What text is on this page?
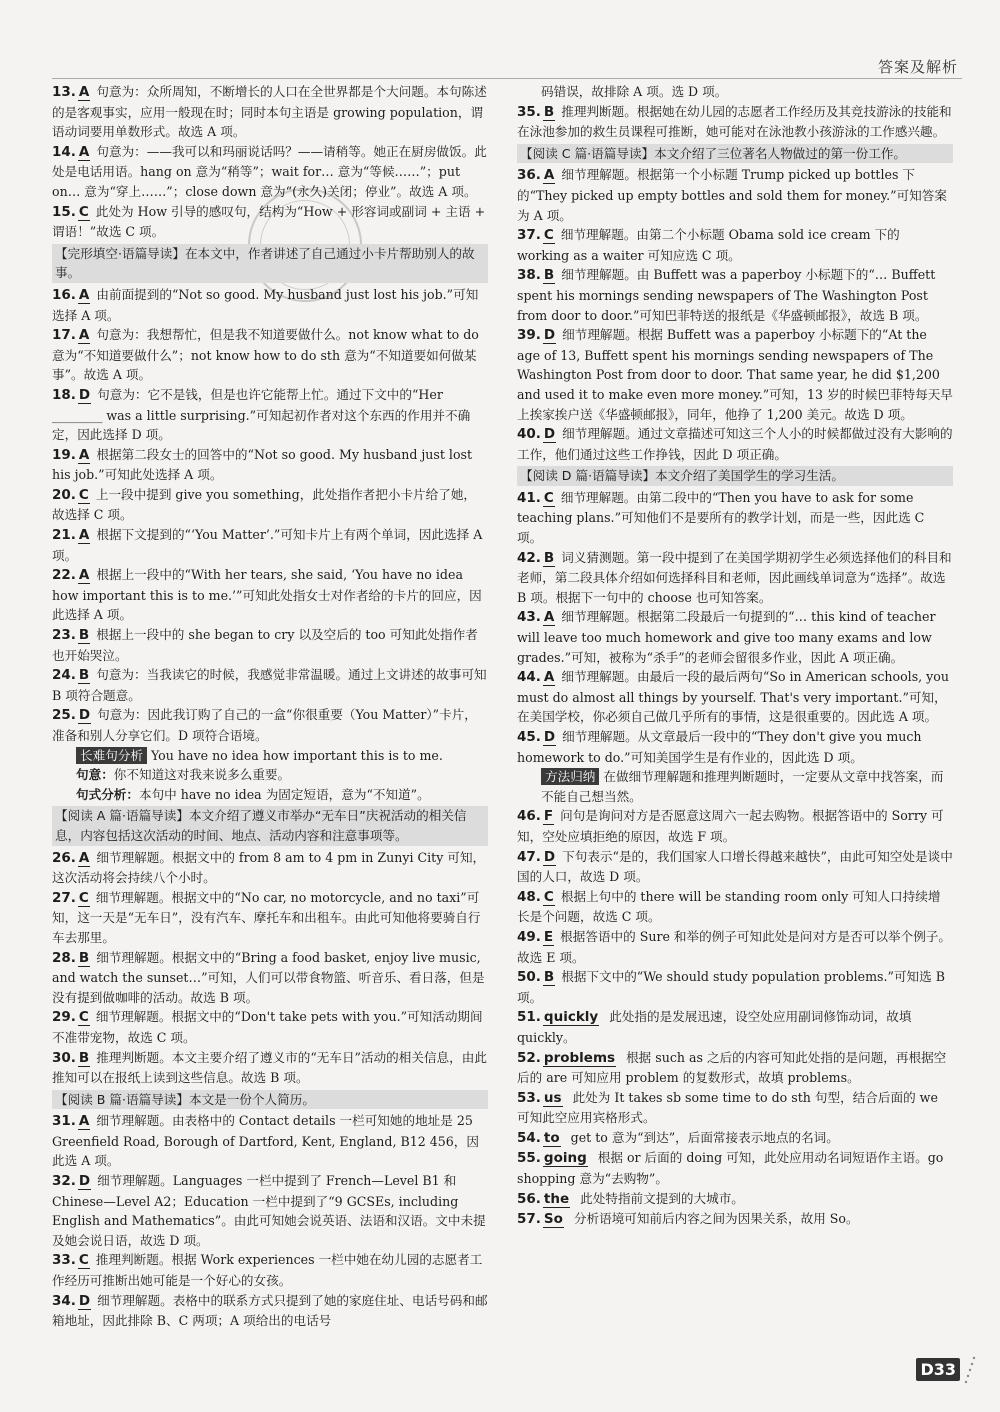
答案及解析

13. A 句意为：众所周知，不断增长的人口在全世界都是个大问题。本句陈述的是客观事实，应用一般现在时；同时本句主语是 growing population，谓语动词要用单数形式。故选 A 项。

14. A 句意为：——我可以和玛丽说话吗？——请稍等。她正在厨房做饭。此处是电话用语。hang on 意为“稍等”；wait for… 意为“等候……”；put on… 意为“穿上……”；close down 意为“(永久)关闭；停业”。故选 A 项。

15. C 此处为 How 引导的感叹句，结构为“How + 形容词或副词 + 主语 + 谓语！”故选 C 项。

【完形填空·语篇导读】在本文中，作者讲述了自己通过小卡片帮助别人的故事。

16. A 由前面提到的“Not so good. My husband just lost his job.”可知选择 A 项。

17. A 句意为：我想帮忙，但是我不知道要做什么。not know what to do 意为“不知道要做什么”；not know how to do sth 意为“不知道要如何做某事”。故选 A 项。

18. D 句意为：它不是钱，但是也许它能帮上忙。通过下文中的“Her ________ was a little surprising.”可知起初作者对这个东西的作用并不确定，因此选择 D 项。

19. A 根据第二段女士的回答中的“Not so good. My husband just lost his job.”可知此处选择 A 项。

20. C 上一段中提到 give you something，此处指作者把小卡片给了她，故选择 C 项。

21. A 根据下文提到的“‘You Matter’.”可知卡片上有两个单词，因此选择 A 项。

22. A 根据上一段中的“With her tears, she said, ‘You have no idea how important this is to me.’”可知此处指女士对作者给的卡片的回应，因此选择 A 项。

23. B 根据上一段中的 she began to cry 以及空后的 too 可知此处指作者也开始哭泣。

24. B 句意为：当我读它的时候，我感觉非常温暖。通过上文讲述的故事可知 B 项符合题意。

25. D 句意为：因此我订购了自己的一盒“你很重要（You Matter）”卡片，准备和别人分享它们。D 项符合语境。

长难句分析 You have no idea how important this is to me.

句意：你不知道这对我来说多么重要。

句式分析：本句中 have no idea 为固定短语，意为“不知道”。

【阅读 A 篇·语篇导读】本文介绍了遵义市举办“无车日”庆祝活动的相关信息，内容包括这次活动的时间、地点、活动内容和注意事项等。

26. A 细节理解题。根据文中的 from 8 am to 4 pm in Zunyi City 可知，这次活动将会持续八个小时。

27. C 细节理解题。根据文中的“No car, no motorcycle, and no taxi”可知，这一天是“无车日”，没有汽车、摩托车和出租车。由此可知他将要骑自行车去那里。

28. B 细节理解题。根据文中的“Bring a food basket, enjoy live music, and watch the sunset…”可知，人们可以带食物篮、听音乐、看日落，但是没有提到做咖啡的活动。故选 B 项。

29. C 细节理解题。根据文中的“Don't take pets with you.”可知活动期间不准带宠物，故选 C 项。

30. B 推理判断题。本文主要介绍了遵义市的“无车日”活动的相关信息，由此推知可以在报纸上读到这些信息。故选 B 项。

【阅读 B 篇·语篇导读】本文是一份个人简历。

31. A 细节理解题。由表格中的 Contact details 一栏可知她的地址是 25 Greenfield Road, Borough of Dartford, Kent, England, B12 456，因此选 A 项。

32. D 细节理解题。Languages 一栏中提到了 French—Level B1 和 Chinese—Level A2；Education 一栏中提到了“9 GCSEs, including English and Mathematics”。由此可知她会说英语、法语和汉语。文中未提及她会说日语，故选 D 项。

33. C 推理判断题。根据 Work experiences 一栏中她在幼儿园的志愿者工作经历可推断出她可能是一个好心的女孩。

34. D 细节理解题。表格中的联系方式只提到了她的家庭住址、电话号码和邮箱地址，因此排除 B、C 两项；A 项给出的电话号

码错误，故排除 A 项。选 D 项。

35. B 推理判断题。根据她在幼儿园的志愿者工作经历及其竞技游泳的技能和在泳池参加的救生员课程可推断，她可能对在泳池教小孩游泳的工作感兴趣。

【阅读 C 篇·语篇导读】本文介绍了三位著名人物做过的第一份工作。

36. A 细节理解题。根据第一个小标题 Trump picked up bottles 下的“They picked up empty bottles and sold them for money.”可知答案为 A 项。

37. C 细节理解题。由第二个小标题 Obama sold ice cream 下的 working as a waiter 可知应选 C 项。

38. B 细节理解题。由 Buffett was a paperboy 小标题下的“… Buffett spent his mornings sending newspapers of The Washington Post from door to door.”可知巴菲特送的报纸是《华盛顿邮报》，故选 B 项。

39. D 细节理解题。根据 Buffett was a paperboy 小标题下的“At the age of 13, Buffett spent his mornings sending newspapers of The Washington Post from door to door. That same year, he did $1,200 and used it to make even more money.”可知，13 岁的时候巴菲特每天早上挨家挨户送《华盛顿邮报》，同年，他挣了 1,200 美元。故选 D 项。

40. D 细节理解题。通过文章描述可知这三个人小的时候都做过没有大影响的工作，他们通过这些工作挣钱，因此 D 项正确。

【阅读 D 篇·语篇导读】本文介绍了美国学生的学习生活。

41. C 细节理解题。由第二段中的“Then you have to ask for some teaching plans.”可知他们不是要所有的教学计划，而是一些，因此选 C 项。

42. B 词义猜测题。第一段中提到了在美国学期初学生必须选择他们的科目和老师，第二段具体介绍如何选择科目和老师，因此画线单词意为“选择”。故选 B 项。根据下一句中的 choose 也可知答案。

43. A 细节理解题。根据第二段最后一句提到的“… this kind of teacher will leave too much homework and give too many exams and low grades.”可知，被称为“杀手”的老师会留很多作业，因此 A 项正确。

44. A 细节理解题。由最后一段的最后两句“So in American schools, you must do almost all things by yourself. That's very important.”可知，在美国学校，你必须自己做几乎所有的事情，这是很重要的。因此选 A 项。

45. D 细节理解题。从文章最后一段中的“They don't give you much homework to do.”可知美国学生是有作业的，因此选 D 项。

方法归纳 在做细节理解题和推理判断题时，一定要从文章中找答案，而不能自己想当然。

46. F 问句是询问对方是否愿意这周六一起去购物。根据答语中的 Sorry 可知，空处应填拒绝的原因，故选 F 项。

47. D 下句表示“是的，我们国家人口增长得越来越快”，由此可知空处是谈中国的人口，故选 D 项。

48. C 根据上句中的 there will be standing room only 可知人口持续增长是个问题，故选 C 项。

49. E 根据答语中的 Sure 和举的例子可知此处是问对方是否可以举个例子。故选 E 项。

50. B 根据下文中的“We should study population problems.”可知选 B 项。

51. quickly 此处指的是发展迅速，设空处应用副词修饰动词，故填 quickly。

52. problems 根据 such as 之后的内容可知此处指的是问题，再根据空后的 are 可知应用 problem 的复数形式，故填 problems。

53. us 此处为 It takes sb some time to do sth 句型，结合后面的 we 可知此空应用宾格形式。

54. to get to 意为“到达”，后面常接表示地点的名词。

55. going 根据 or 后面的 doing 可知，此处应用动名词短语作主语。go shopping 意为“去购物”。

56. the 此处特指前文提到的大城市。

57. So 分析语境可知前后内容之间为因果关系，故用 So。

D33
